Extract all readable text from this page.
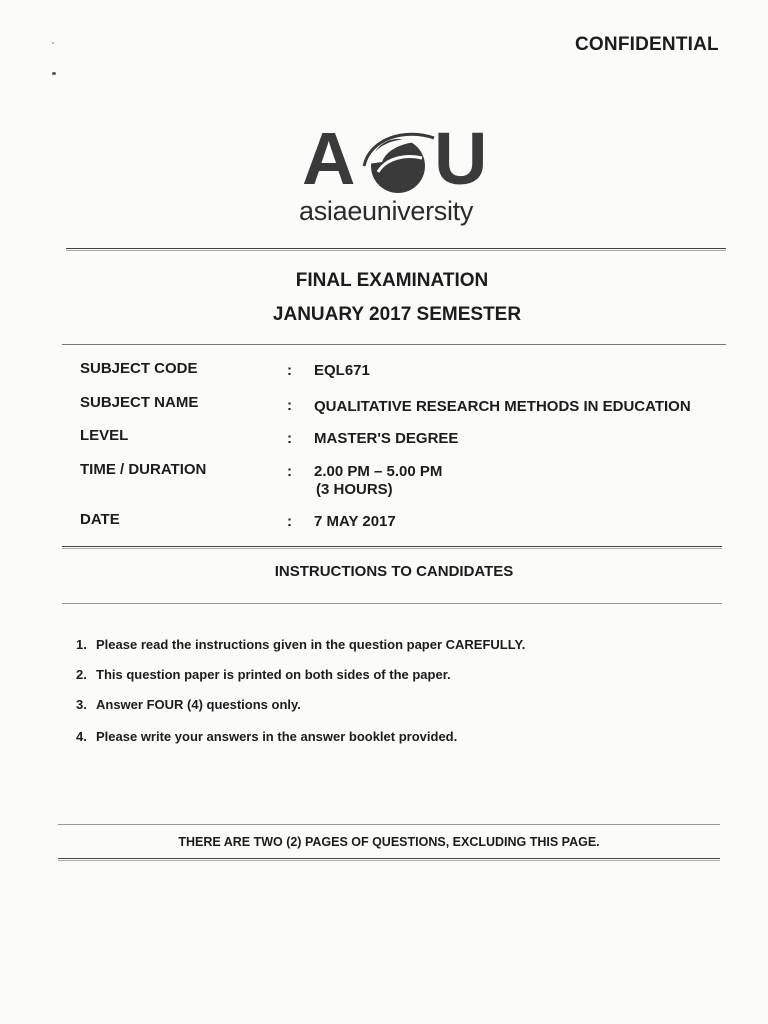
CONFIDENTIAL
A U
asiaeuniversity
FINAL EXAMINATION
JANUARY 2017 SEMESTER
SUBJECT CODE	: EQL671
SUBJECT NAME	: QUALITATIVE RESEARCH METHODS IN EDUCATION
LEVEL	: MASTER'S DEGREE
TIME / DURATION	: 2.00 PM – 5.00 PM
(3 HOURS)
DATE	: 7 MAY 2017
INSTRUCTIONS TO CANDIDATES
1. Please read the instructions given in the question paper CAREFULLY.
2. This question paper is printed on both sides of the paper.
3. Answer FOUR (4) questions only.
4. Please write your answers in the answer booklet provided.
THERE ARE TWO (2) PAGES OF QUESTIONS, EXCLUDING THIS PAGE.
